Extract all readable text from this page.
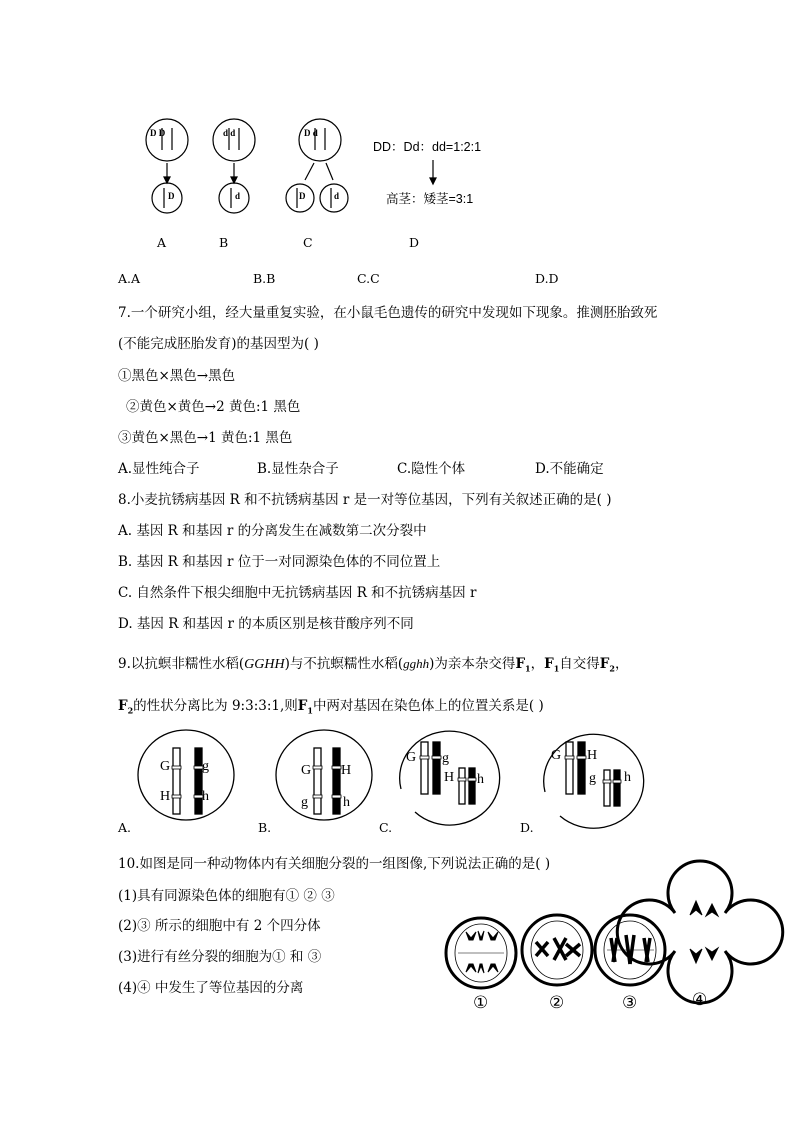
D D
D
d d
d
D d
D	d
DD：Dd：dd=1:2:1
高茎：矮茎=3:1
A	B	C	D
A.A	B.B	C.C	D.D
7.一个研究小组，经大量重复实验，在小鼠毛色遗传的研究中发现如下现象。推测胚胎致死
(不能完成胚胎发育)的基因型为( )
①黑色×黑色→黑色
②黄色×黄色→2 黄色:1 黑色
③黄色×黑色→1 黄色:1 黑色
A.显性纯合子	B.显性杂合子	C.隐性个体	D.不能确定
8.小麦抗锈病基因 R 和不抗锈病基因 r 是一对等位基因，下列有关叙述正确的是( )
A. 基因 R 和基因 r 的分离发生在减数第二次分裂中
B. 基因 R 和基因 r 位于一对同源染色体的不同位置上
C. 自然条件下根尖细胞中无抗锈病基因 R 和不抗锈病基因 r
D. 基因 R 和基因 r 的本质区别是核苷酸序列不同
9.以抗螟非糯性水稻(GGHH)与不抗螟糯性水稻(gghh)为亲本杂交得$F_1$，$F_1$自交得$F_2$，
$F_2$的性状分离比为 9:3:3:1,则$F_1$中两对基因在染色体上的位置关系是( )
G
H
g
h
G
g
H
h
G g
H h
G H
g h
A.	B.	C.	D.
10.如图是同一种动物体内有关细胞分裂的一组图像,下列说法正确的是( )
(1)具有同源染色体的细胞有① ② ③
(2)③ 所示的细胞中有 2 个四分体
(3)进行有丝分裂的细胞为① 和 ③
(4)④ 中发生了等位基因的分离
①	②	③	④
